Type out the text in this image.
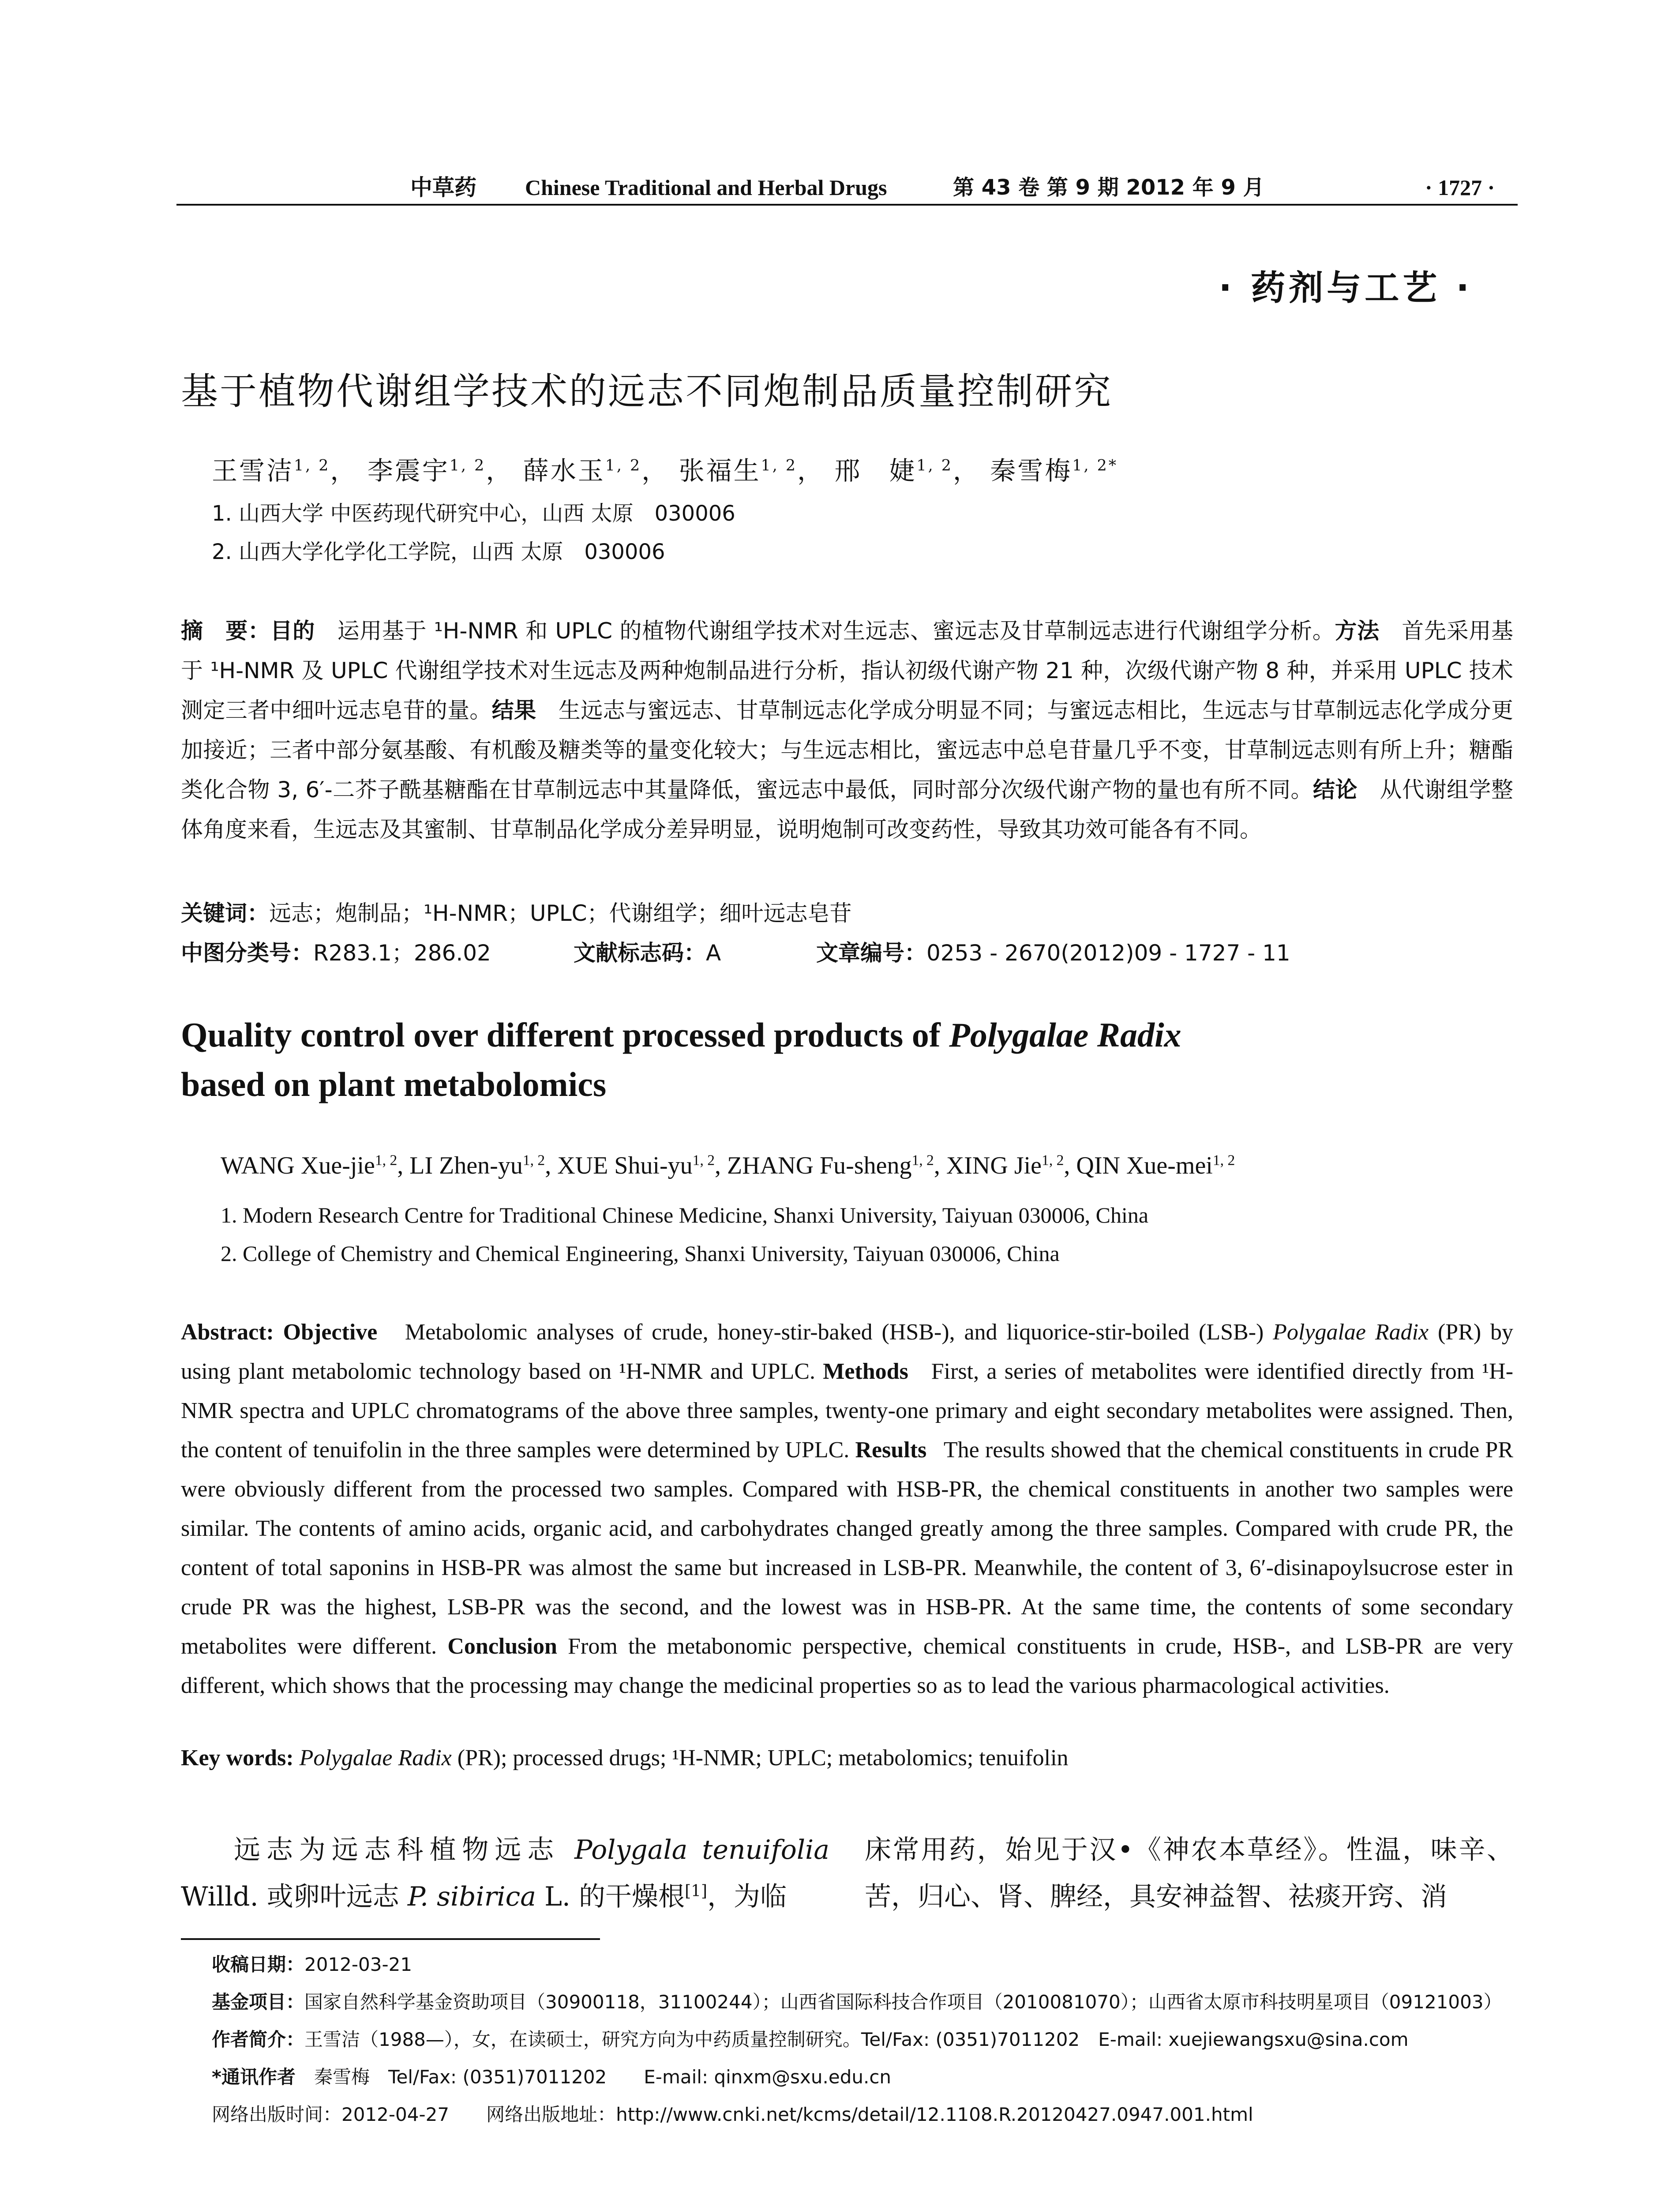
中草药 Chinese Traditional and Herbal Drugs	第 43 卷 第 9 期 2012 年 9 月	· 1727 ·
· 药剂与工艺 ·
基于植物代谢组学技术的远志不同炮制品质量控制研究
王雪洁$^{1, 2}$， 李震宇$^{1, 2}$， 薛水玉$^{1, 2}$， 张福生$^{1, 2}$， 邢　婕$^{1, 2}$， 秦雪梅$^{1, 2*}$
1. 山西大学 中医药现代研究中心，山西 太原　030006
2. 山西大学化学化工学院，山西 太原　030006
摘　要：目的　 运用基于 ¹H-NMR 和 UPLC 的植物代谢组学技术对生远志、蜜远志及甘草制远志进行代谢组学分析。方法　 首先采用基于 ¹H-NMR 及 UPLC 代谢组学技术对生远志及两种炮制品进行分析，指认初级代谢产物 21 种，次级代谢产物 8 种，并采用 UPLC 技术测定三者中细叶远志皂苷的量。结果　 生远志与蜜远志、甘草制远志化学成分明显不同；与蜜远志相比，生远志与甘草制远志化学成分更加接近；三者中部分氨基酸、有机酸及糖类等的量变化较大；与生远志相比，蜜远志中总皂苷量几乎不变，甘草制远志则有所上升；糖酯类化合物 3, 6′-二芥子酰基糖酯在甘草制远志中其量降低，蜜远志中最低，同时部分次级代谢产物的量也有所不同。结论　 从代谢组学整体角度来看，生远志及其蜜制、甘草制品化学成分差异明显，说明炮制可改变药性，导致其功效可能各有不同。
关键词：远志；炮制品；¹H-NMR；UPLC；代谢组学；细叶远志皂苷
中图分类号：R283.1；286.02	文献标志码：A	文章编号：0253 - 2670(2012)09 - 1727 - 11
Quality control over different processed products of Polygalae Radix
based on plant metabolomics
WANG Xue-jie$^{1, 2}$, LI Zhen-yu$^{1, 2}$, XUE Shui-yu$^{1, 2}$, ZHANG Fu-sheng$^{1, 2}$, XING Jie$^{1, 2}$, QIN Xue-mei$^{1, 2}$
1. Modern Research Centre for Traditional Chinese Medicine, Shanxi University, Taiyuan 030006, China
2. College of Chemistry and Chemical Engineering, Shanxi University, Taiyuan 030006, China
Abstract: Objective Metabolomic analyses of crude, honey-stir-baked (HSB-), and liquorice-stir-boiled (LSB-) Polygalae Radix (PR) by using plant metabolomic technology based on ¹H-NMR and UPLC. Methods First, a series of metabolites were identified directly from ¹H-NMR spectra and UPLC chromatograms of the above three samples, twenty-one primary and eight secondary metabolites were assigned. Then, the content of tenuifolin in the three samples were determined by UPLC. Results The results showed that the chemical constituents in crude PR were obviously different from the processed two samples. Compared with HSB-PR, the chemical constituents in another two samples were similar. The contents of amino acids, organic acid, and carbohydrates changed greatly among the three samples. Compared with crude PR, the content of total saponins in HSB-PR was almost the same but increased in LSB-PR. Meanwhile, the content of 3, 6′-disinapoylsucrose ester in crude PR was the highest, LSB-PR was the second, and the lowest was in HSB-PR. At the same time, the contents of some secondary metabolites were different. Conclusion From the metabonomic perspective, chemical constituents in crude, HSB-, and LSB-PR are very different, which shows that the processing may change the medicinal properties so as to lead the various pharmacological activities.
Key words: Polygalae Radix (PR); processed drugs; ¹H-NMR; UPLC; metabolomics; tenuifolin
远志为远志科植物远志 Polygala tenuifolia Willd. 或卵叶远志 P. sibirica L. 的干燥根[1]，为临
床常用药，始见于汉•《神农本草经》。性温，味辛、苦，归心、肾、脾经，具安神益智、祛痰开窍、消
收稿日期：2012-03-21
基金项目：国家自然科学基金资助项目（30900118，31100244）；山西省国际科技合作项目（2010081070）；山西省太原市科技明星项目（09121003）
作者简介：王雪洁（1988—），女，在读硕士，研究方向为中药质量控制研究。Tel/Fax: (0351)7011202　E-mail: xuejiewangsxu@sina.com
*通讯作者　 秦雪梅　Tel/Fax: (0351)7011202　　E-mail: qinxm@sxu.edu.cn
网络出版时间：2012-04-27　　 网络出版地址：http://www.cnki.net/kcms/detail/12.1108.R.20120427.0947.001.html
